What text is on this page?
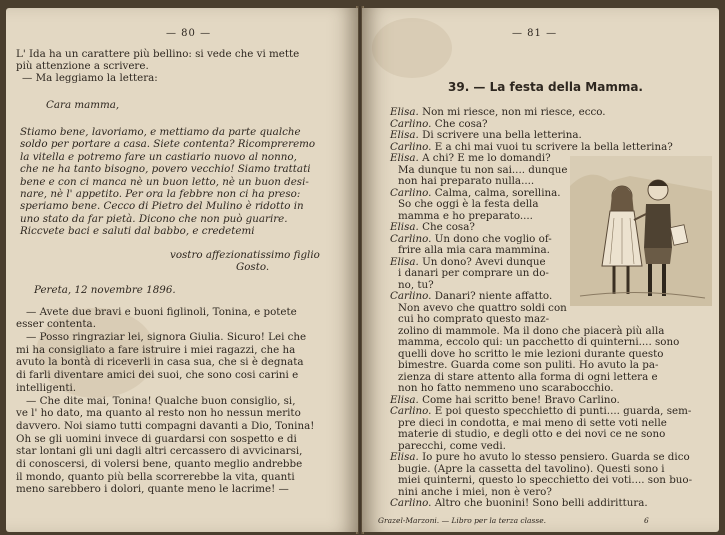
— 80 —
L' Ida ha un carattere più bellino: si vede che vi mette
più attenzione a scrivere.
— Ma leggiamo la lettera:
Cara mamma,
Stiamo bene, lavoriamo, e mettiamo da parte qualche
soldo per portare a casa. Siete contenta? Ricompreremo
la vitella e potremo fare un castiario nuovo al nonno,
che ne ha tanto bisogno, povero vecchio! Siamo trattati
bene e con ci manca nè un buon letto, nè un buon desi-
nare, nè l' appetito. Per ora la febbre non ci ha preso:
speriamo bene. Cecco di Pietro del Mulino è ridotto in
uno stato da far pietà. Dicono che non può guarire.
Riccvete baci e saluti dal babbo, e credetemi
vostro affezionatissimo figlio
Gosto.
Pereta, 12 novembre 1896.
— Avete due bravi e buoni figlinoli, Tonina, e potete
esser contenta.
— Posso ringraziar lei, signora Giulia. Sicuro! Lei che
mi ha consigliato a fare istruire i miei ragazzi, che ha
avuto la bontà di riceverli in casa sua, che si è degnata
di farli diventare amici dei suoi, che sono cosi carini e
intelligenti.
— Che dite mai, Tonina! Qualche buon consiglio, si,
ve l' ho dato, ma quanto al resto non ho nessun merito
davvero. Noi siamo tutti compagni davanti a Dio, Tonina!
Oh se gli uomini invece di guardarsi con sospetto e di
star lontani gli uni dagli altri cercassero di avvicinarsi,
di conoscersi, di volersi bene, quanto meglio andrebbe
il mondo, quanto più bella scorrerebbe la vita, quanti
meno sarebbero i dolori, quante meno le lacrime! —
— 81 —
39. — La festa della Mamma.
Elisa. Non mi riesce, non mi riesce, ecco.
Carlino. Che cosa?
Elisa. Di scrivere una bella letterina.
Carlino. E a chi mai vuoi tu scrivere la bella letterina?
Elisa. A chi? E me lo domandi?
Ma dunque tu non sai.... dunque
non hai preparato nulla....
Carlino. Calma, calma, sorellina.
So che oggi è la festa della
mamma e ho preparato....
Elisa. Che cosa?
Carlino. Un dono che voglio of-
frire alla mia cara mammina.
Elisa. Un dono? Avevi dunque
i danari per comprare un do-
no, tu?
Carlino. Danari? niente affatto.
Non avevo che quattro soldi con
cui ho comprato questo maz-
zolino di mammole. Ma il dono che piacerà più alla
mamma, eccolo qui: un pacchetto di quinterni.... sono
quelli dove ho scritto le mie lezioni durante questo
bimestre. Guarda come son puliti. Ho avuto la pa-
zienza di stare attento alla forma di ogni lettera e
non ho fatto nemmeno uno scarabocchio.
Elisa. Come hai scritto bene! Bravo Carlino.
Carlino. E poi questo specchietto di punti.... guarda, sem-
pre dieci in condotta, e mai meno di sette voti nelle
materie di studio, e degli otto e dei novi ce ne sono
parecchi, come vedi.
Elisa. Io pure ho avuto lo stesso pensiero. Guarda se dico
bugie. (Apre la cassetta del tavolino). Questi sono i
miei quinterni, questo lo specchietto dei voti.... son buo-
nini anche i miei, non è vero?
Carlino. Altro che buonini! Sono belli addirittura.
Grazel-Marzoni. — Libro per la terza classe.	6
